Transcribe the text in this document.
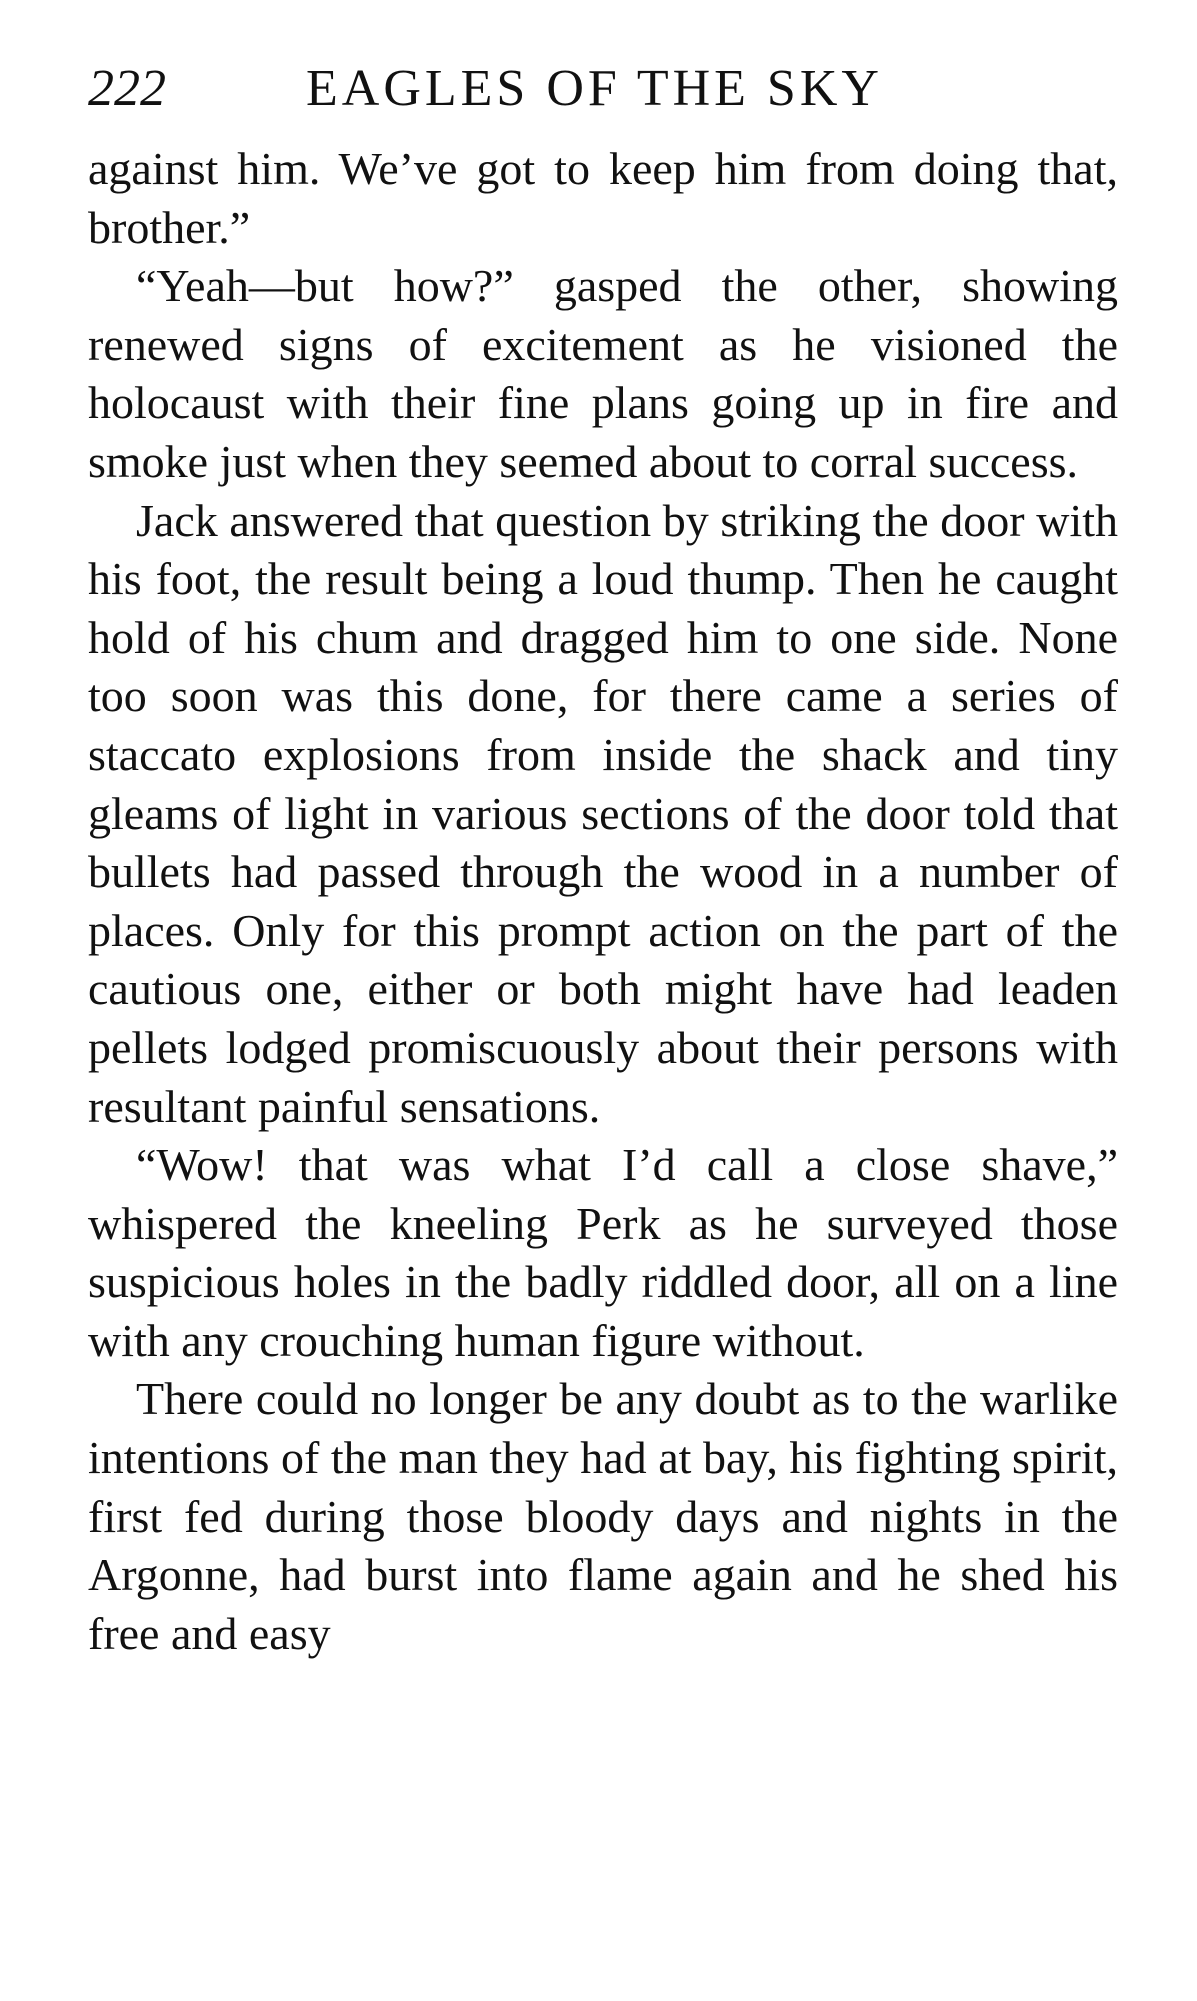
222	EAGLES OF THE SKY

against him. We’ve got to keep him from doing that, brother.”

“Yeah—but how?” gasped the other, showing renewed signs of excitement as he visioned the holocaust with their fine plans going up in fire and smoke just when they seemed about to corral success.

Jack answered that question by striking the door with his foot, the result being a loud thump. Then he caught hold of his chum and dragged him to one side. None too soon was this done, for there came a series of staccato explosions from inside the shack and tiny gleams of light in various sections of the door told that bullets had passed through the wood in a number of places. Only for this prompt action on the part of the cautious one, either or both might have had leaden pellets lodged promiscuously about their persons with resultant painful sensations.

“Wow! that was what I’d call a close shave,” whispered the kneeling Perk as he surveyed those suspicious holes in the badly riddled door, all on a line with any crouching human figure without.

There could no longer be any doubt as to the warlike intentions of the man they had at bay, his fighting spirit, first fed during those bloody days and nights in the Argonne, had burst into flame again and he shed his free and easy
